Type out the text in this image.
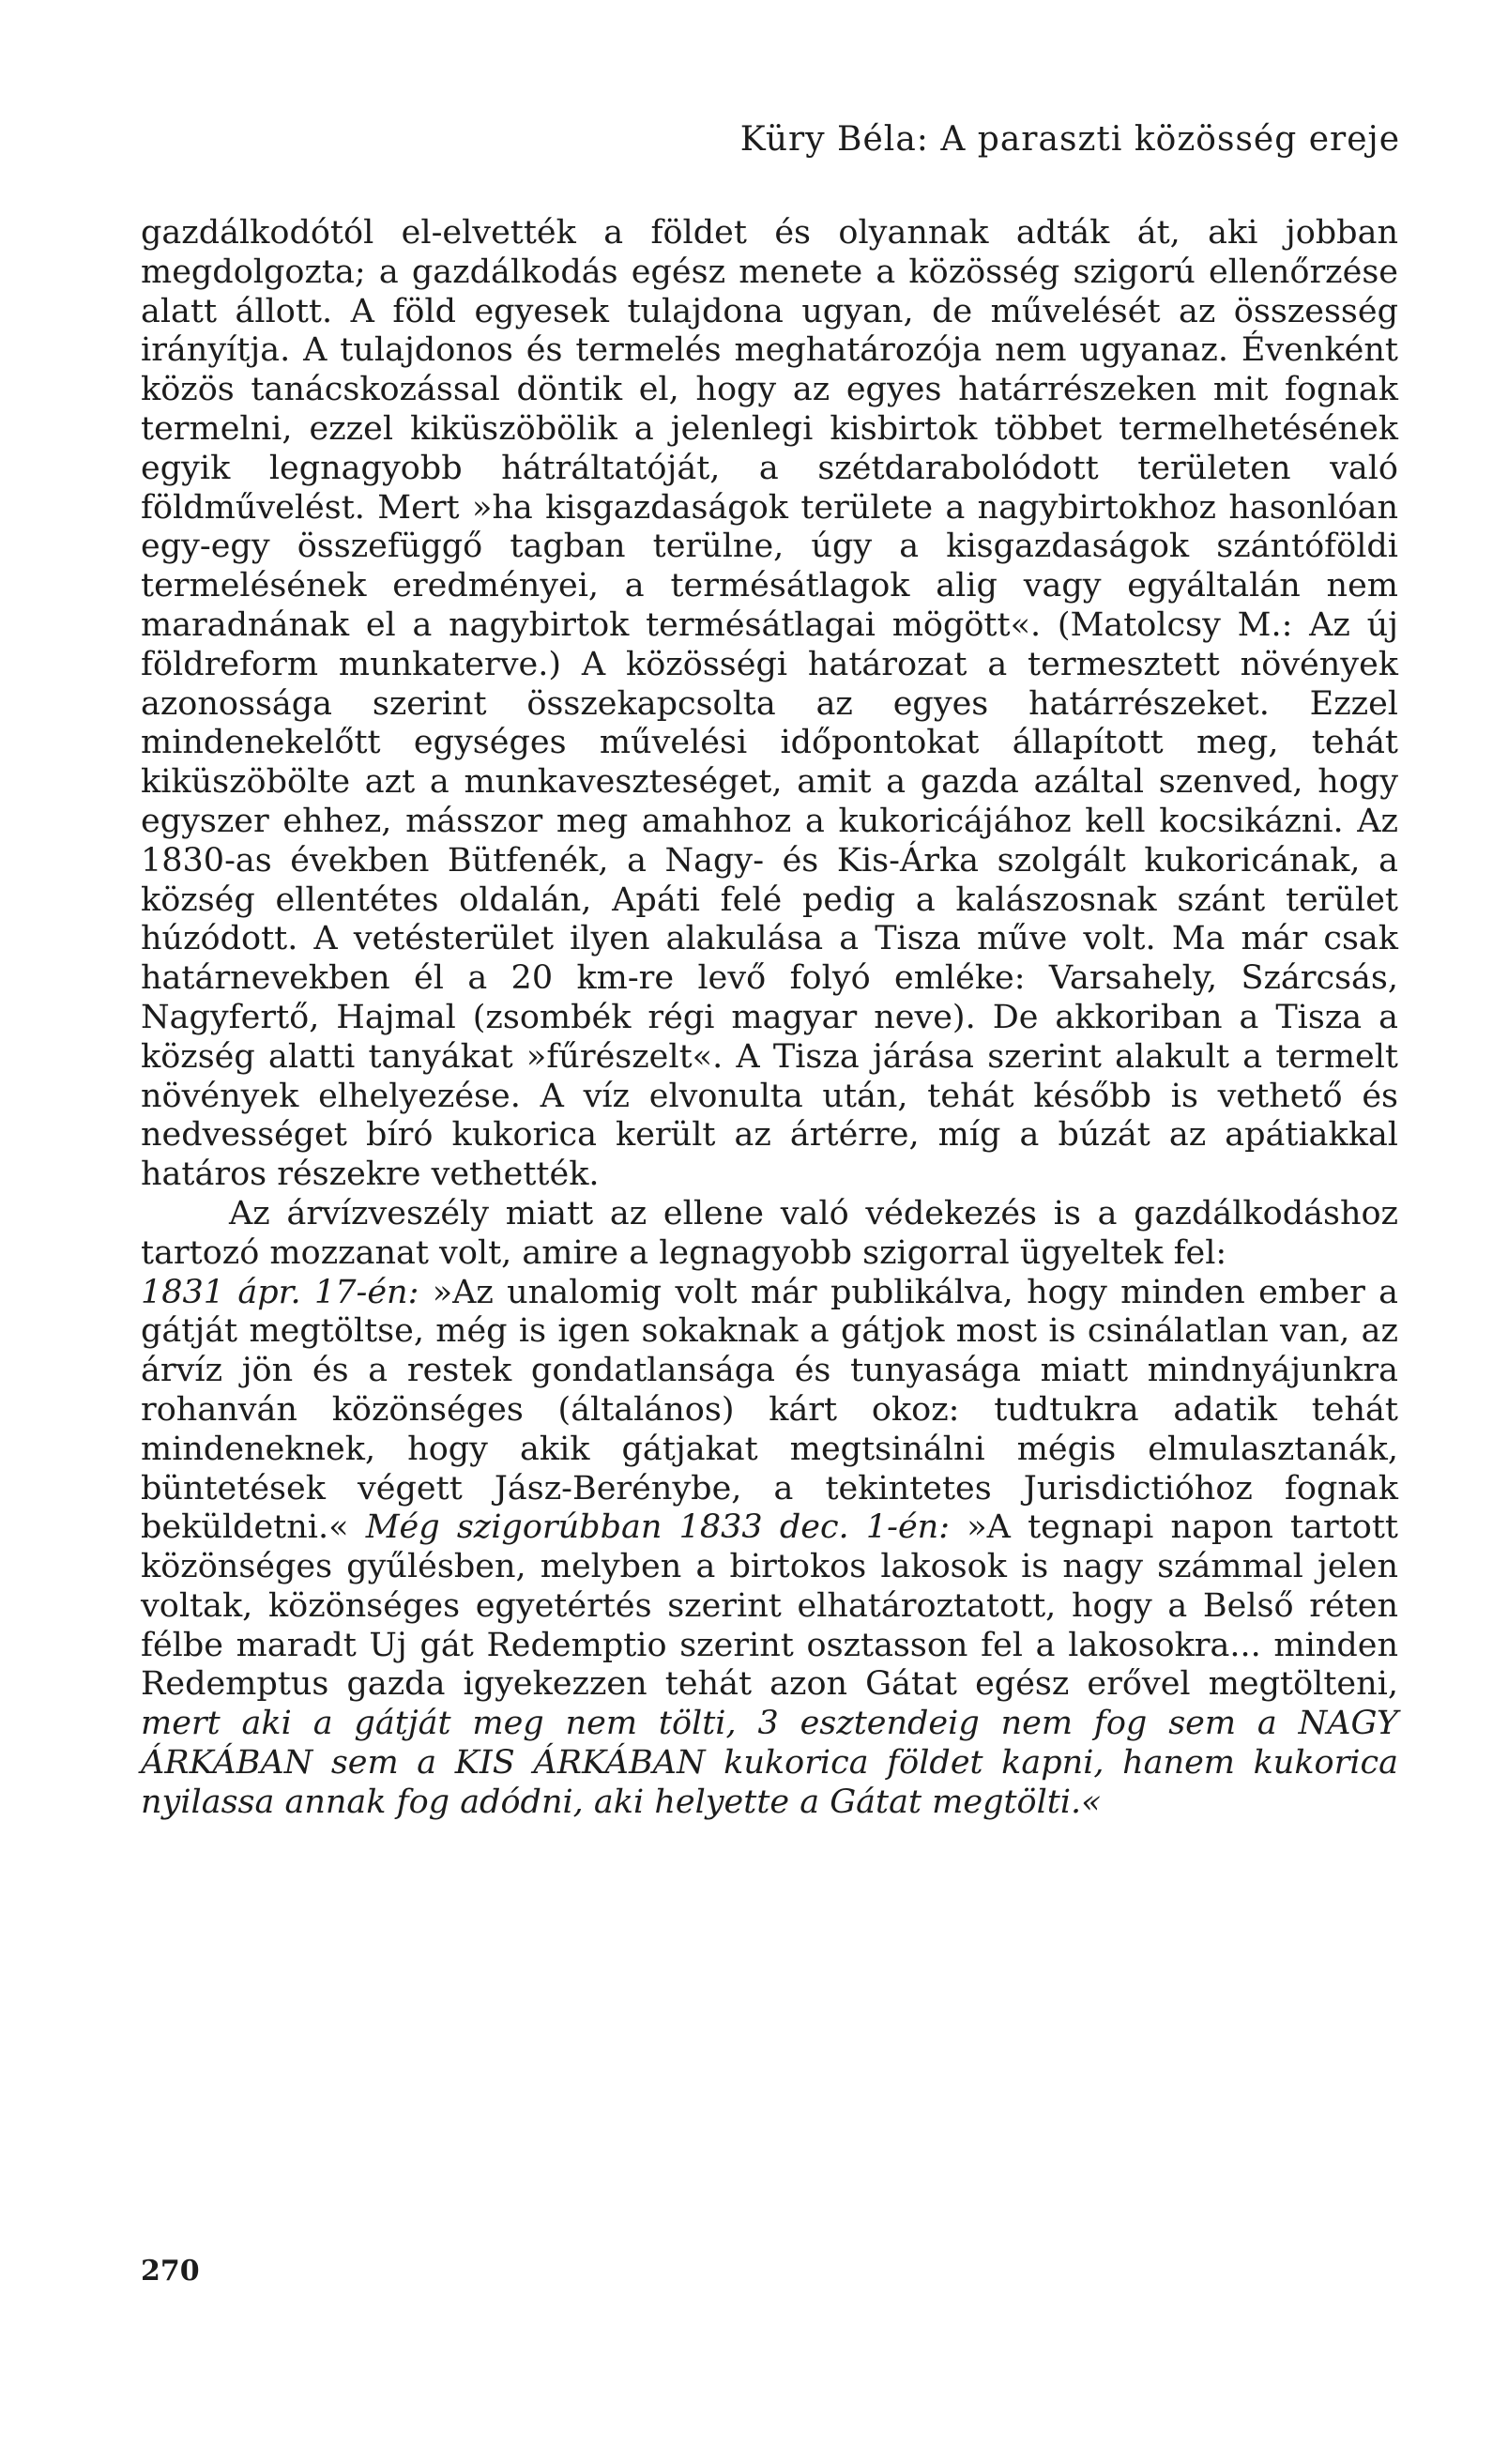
Küry Béla: A paraszti közösség ereje

gazdálkodótól el-elvették a földet és olyannak adták át, aki jobban megdolgozta; a gazdálkodás egész menete a közösség szigorú ellenőrzése alatt állott. A föld egyesek tulajdona ugyan, de művelését az összesség irányítja. A tulajdonos és termelés meghatározója nem ugyanaz. Évenként közös tanácskozással döntik el, hogy az egyes határrészeken mit fognak termelni, ezzel kiküszöbölik a jelenlegi kisbirtok többet termelhetésének egyik legnagyobb hátráltatóját, a szétdarabolódott területen való földművelést. Mert »ha kisgazdaságok területe a nagybirtokhoz hasonlóan egy-egy összefüggő tagban terülne, úgy a kisgazdaságok szántóföldi termelésének eredményei, a termésátlagok alig vagy egyáltalán nem maradnának el a nagybirtok termésátlagai mögött«. (Matolcsy M.: Az új földreform munkaterve.) A közösségi határozat a termesztett növények azonossága szerint összekapcsolta az egyes határrészeket. Ezzel mindenekelőtt egységes művelési időpontokat állapított meg, tehát kiküszöbölte azt a munkaveszteséget, amit a gazda azáltal szenved, hogy egyszer ehhez, másszor meg amahhoz a kukoricájához kell kocsikázni. Az 1830-as években Bütfenék, a Nagy- és Kis-Árka szolgált kukoricának, a község ellentétes oldalán, Apáti felé pedig a kalászosnak szánt terület húzódott. A vetésterület ilyen alakulása a Tisza műve volt. Ma már csak határnevekben él a 20 km-re levő folyó emléke: Varsahely, Szárcsás, Nagyfertő, Hajmal (zsombék régi magyar neve). De akkoriban a Tisza a község alatti tanyákat »fűrészelt«. A Tisza járása szerint alakult a termelt növények elhelyezése. A víz elvonulta után, tehát később is vethető és nedvességet bíró kukorica került az ártérre, míg a búzát az apátiakkal határos részekre vethették.

Az árvízveszély miatt az ellene való védekezés is a gazdálkodáshoz tartozó mozzanat volt, amire a legnagyobb szigorral ügyeltek fel:
1831 ápr. 17-én: »Az unalomig volt már publikálva, hogy minden ember a gátját megtöltse, még is igen sokaknak a gátjok most is csinálatlan van, az árvíz jön és a restek gondatlansága és tunyasága miatt mindnyájunkra rohanván közönséges (általános) kárt okoz: tudtukra adatik tehát mindeneknek, hogy akik gátjakat megtsinálni mégis elmulasztanák, büntetések végett Jász-Berénybe, a tekintetes Jurisdictióhoz fognak beküldetni.« Még szigorúbban 1833 dec. 1-én: »A tegnapi napon tartott közönséges gyűlésben, melyben a birtokos lakosok is nagy számmal jelen voltak, közönséges egyetértés szerint elhatároztatott, hogy a Belső réten félbe maradt Uj gát Redemptio szerint osztasson fel a lakosokra... minden Redemptus gazda igyekezzen tehát azon Gátat egész erővel megtölteni, mert aki a gátját meg nem tölti, 3 esztendeig nem fog sem a NAGY ÁRKÁBAN sem a KIS ÁRKÁBAN kukorica földet kapni, hanem kukorica nyilassa annak fog adódni, aki helyette a Gátat megtölti.«

270
